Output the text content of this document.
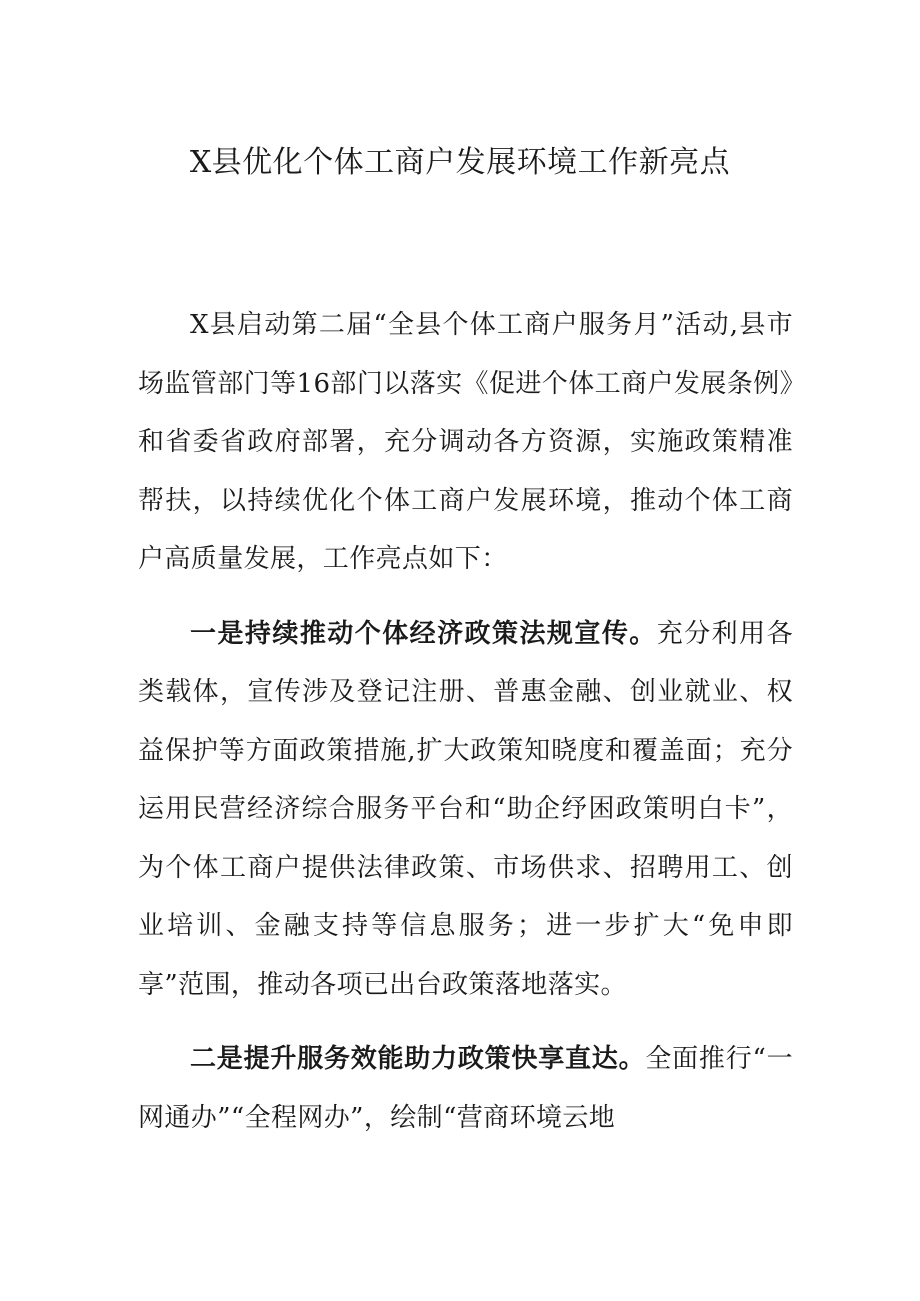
X县优化个体工商户发展环境工作新亮点

X县启动第二届“全县个体工商户服务月”活动,县市场监管部门等16部门以落实《促进个体工商户发展条例》和省委省政府部署，充分调动各方资源，实施政策精准帮扶，以持续优化个体工商户发展环境，推动个体工商户高质量发展，工作亮点如下：

一是持续推动个体经济政策法规宣传。充分利用各类载体，宣传涉及登记注册、普惠金融、创业就业、权益保护等方面政策措施,扩大政策知晓度和覆盖面；充分运用民营经济综合服务平台和“助企纾困政策明白卡”，为个体工商户提供法律政策、市场供求、招聘用工、创业培训、金融支持等信息服务；进一步扩大“免申即享”范围，推动各项已出台政策落地落实。

二是提升服务效能助力政策快享直达。全面推行“一网通办”“全程网办”，绘制“营商环境云地
